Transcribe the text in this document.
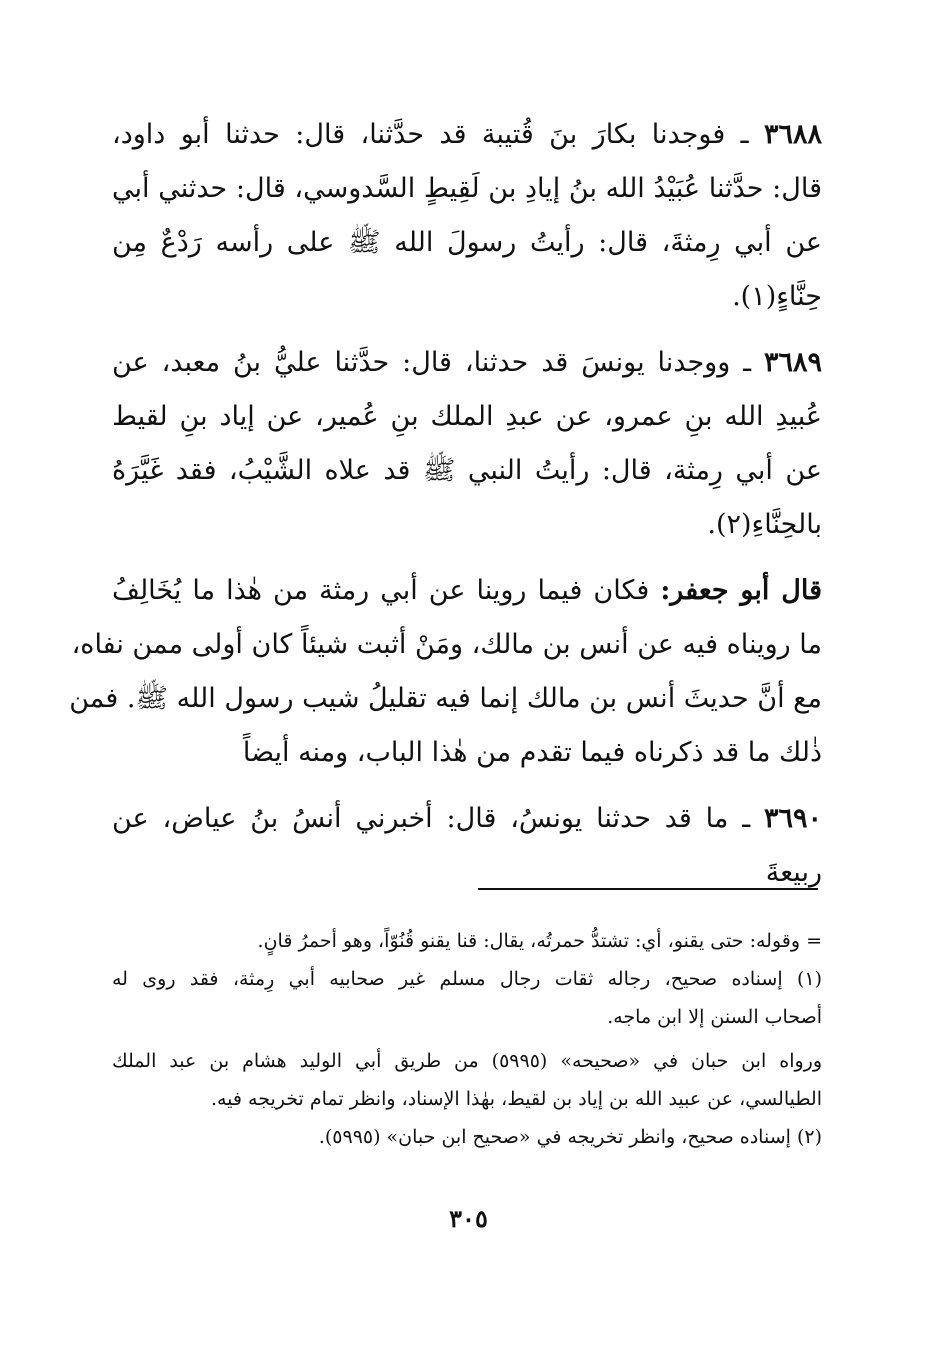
٣٦٨٨ ـ فوجدنا بكارَ بنَ قُتيبة قد حدَّثنا، قال: حدثنا أبو داود،
قال: حدَّثنا عُبَيْدُ الله بنُ إيادِ بن لَقِيطٍ السَّدوسي، قال: حدثني أبي
عن أبي رِمثةَ، قال: رأيتُ رسولَ الله ﷺ على رأسه رَدْعٌ مِن
حِنَّاءٍ(١).
٣٦٨٩ ـ ووجدنا يونسَ قد حدثنا، قال: حدَّثنا عليُّ بنُ معبد، عن
عُبيدِ الله بنِ عمرو، عن عبدِ الملك بنِ عُمير، عن إياد بنِ لقيط
عن أبي رِمثة، قال: رأيتُ النبي ﷺ قد علاه الشَّيْبُ، فقد غَيَّرَهُ
بالحِنَّاءِ(٢).
قال أبو جعفر: فكان فيما روينا عن أبي رمثة من هٰذا ما يُخَالِفُ
ما رويناه فيه عن أنس بن مالك، ومَنْ أثبت شيئاً كان أولى ممن نفاه،
مع أنَّ حديثَ أنس بن مالك إنما فيه تقليلُ شيب رسول الله ﷺ. فمن
ذٰلك ما قد ذكرناه فيما تقدم من هٰذا الباب، ومنه أيضاً
٣٦٩٠ ـ ما قد حدثنا يونسُ، قال: أخبرني أنسُ بنُ عياض، عن
ربيعةَ
= وقوله: حتى يقنو، أي: تشتدُّ حمرتُه، يقال: قنا يقنو قُنُوّاً، وهو أحمرُ قانٍ.
(١) إسناده صحيح، رجاله ثقات رجال مسلم غير صحابيه أبي رِمثة، فقد روى له
أصحاب السنن إلا ابن ماجه.
ورواه ابن حبان في «صحيحه» (٥٩٩٥) من طريق أبي الوليد هشام بن عبد الملك
الطيالسي، عن عبيد الله بن إياد بن لقيط، بهٰذا الإسناد، وانظر تمام تخريجه فيه.
(٢) إسناده صحيح، وانظر تخريجه في «صحيح ابن حبان» (٥٩٩٥).
٣٠٥
